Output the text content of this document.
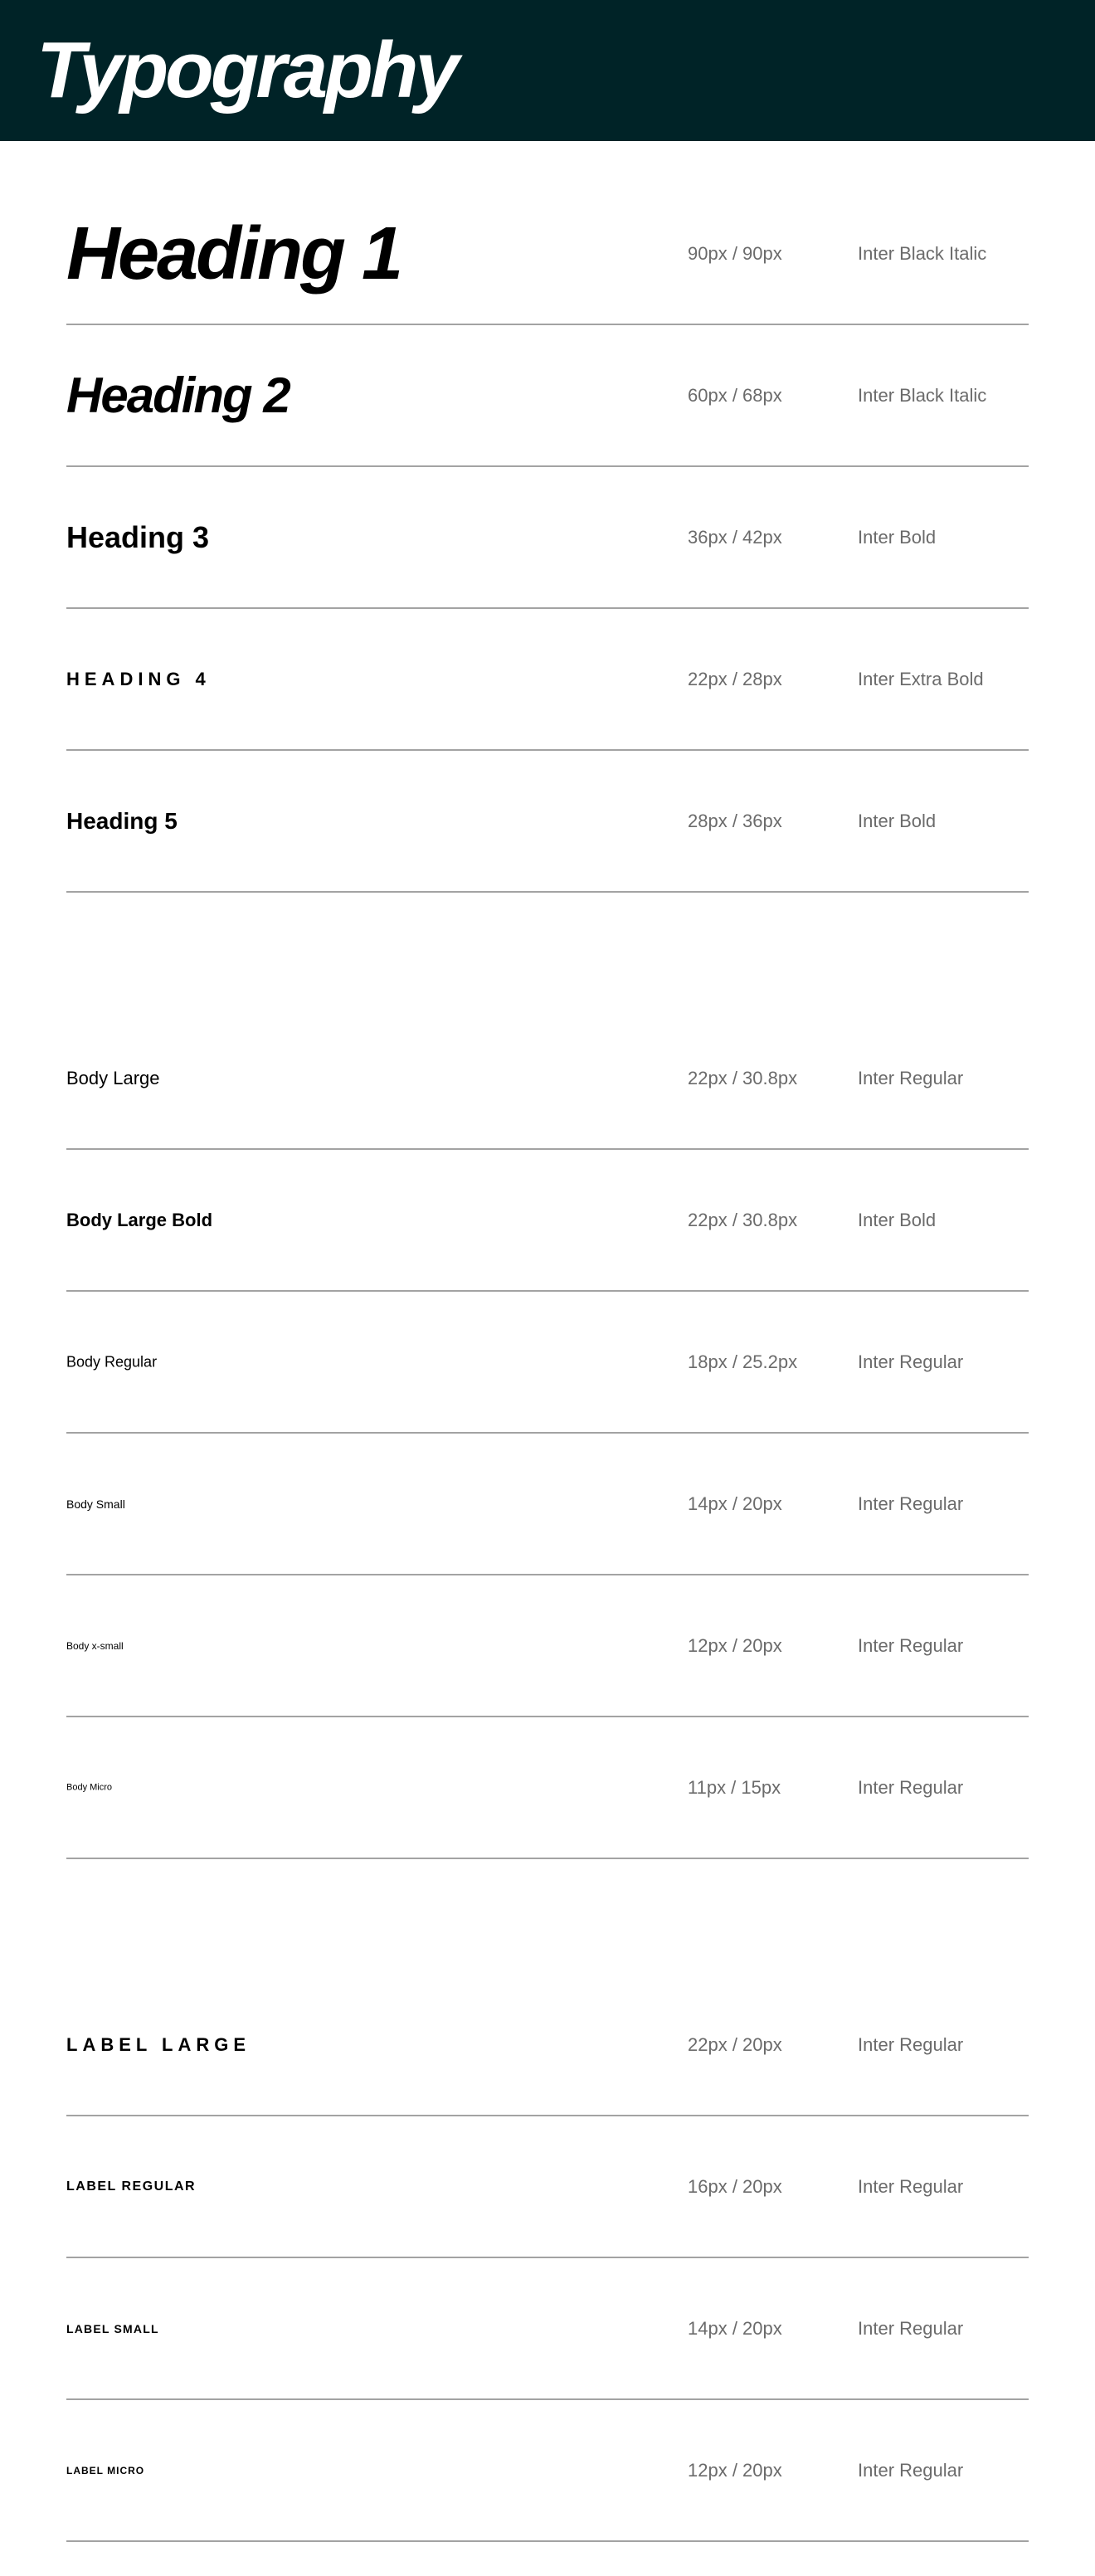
Typography
Heading 1	90px / 90px	Inter Black Italic
Heading 2	60px / 68px	Inter Black Italic
Heading 3	36px / 42px	Inter Bold
HEADING 4	22px / 28px	Inter Extra Bold
Heading 5	28px / 36px	Inter Bold
Body Large	22px / 30.8px	Inter Regular
Body Large Bold	22px / 30.8px	Inter Bold
Body Regular	18px / 25.2px	Inter Regular
Body Small	14px / 20px	Inter Regular
Body x-small	12px / 20px	Inter Regular
Body Micro	11px / 15px	Inter Regular
LABEL LARGE	22px / 20px	Inter Regular
LABEL REGULAR	16px / 20px	Inter Regular
LABEL SMALL	14px / 20px	Inter Regular
LABEL MICRO	12px / 20px	Inter Regular
